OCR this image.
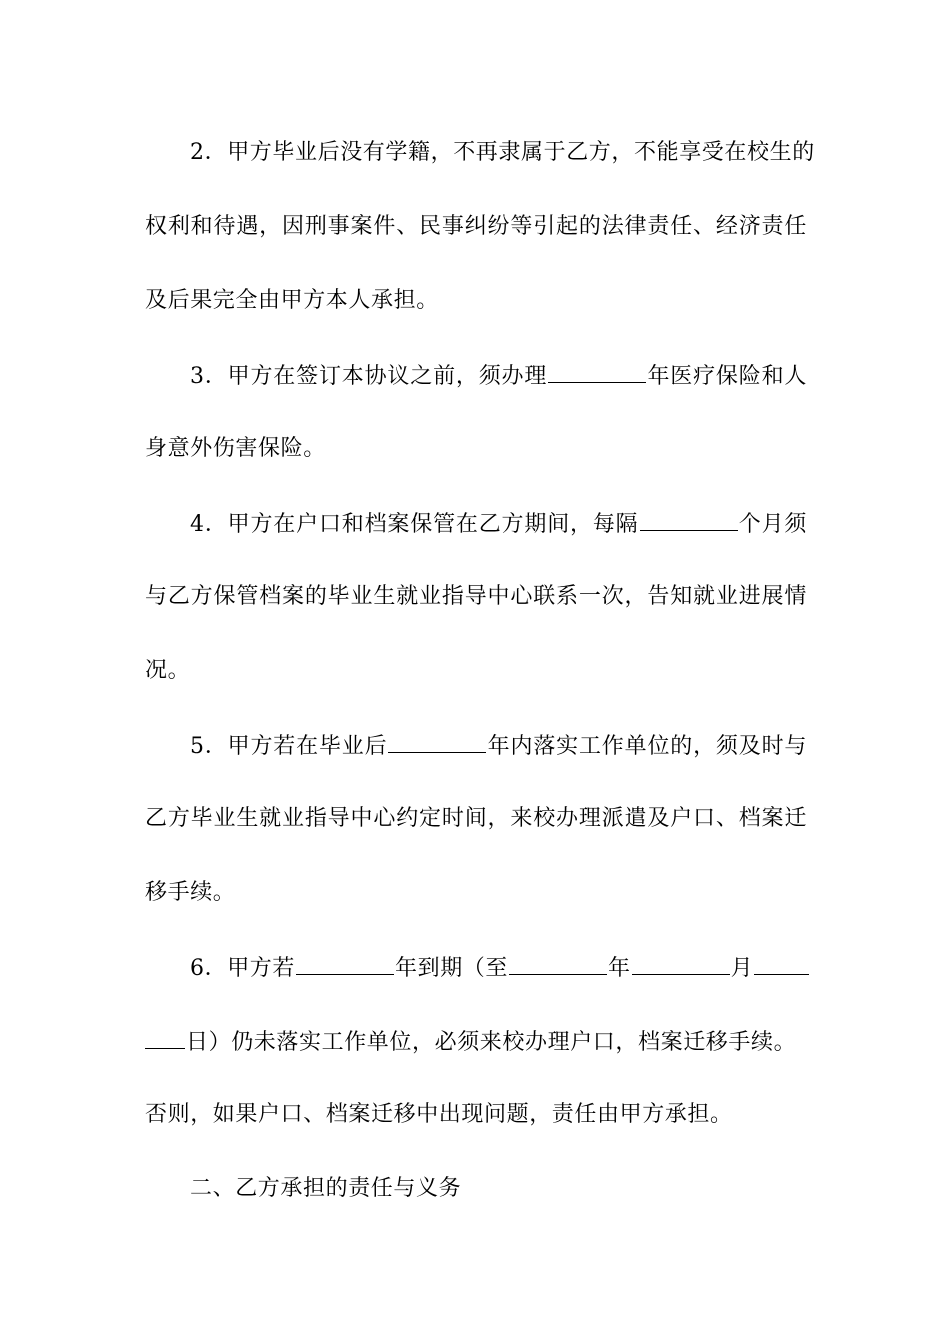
2．甲方毕业后没有学籍，不再隶属于乙方，不能享受在校生的
权利和待遇，因刑事案件、民事纠纷等引起的法律责任、经济责任
及后果完全由甲方本人承担。
3．甲方在签订本协议之前，须办理	年医疗保险和人
身意外伤害保险。
4．甲方在户口和档案保管在乙方期间，每隔	个月须
与乙方保管档案的毕业生就业指导中心联系一次，告知就业进展情
况。
5．甲方若在毕业后	年内落实工作单位的，须及时与
乙方毕业生就业指导中心约定时间，来校办理派遣及户口、档案迁
移手续。
6．甲方若	年到期（至	年	月
日）仍未落实工作单位，必须来校办理户口，档案迁移手续。
否则，如果户口、档案迁移中出现问题，责任由甲方承担。
二、乙方承担的责任与义务
